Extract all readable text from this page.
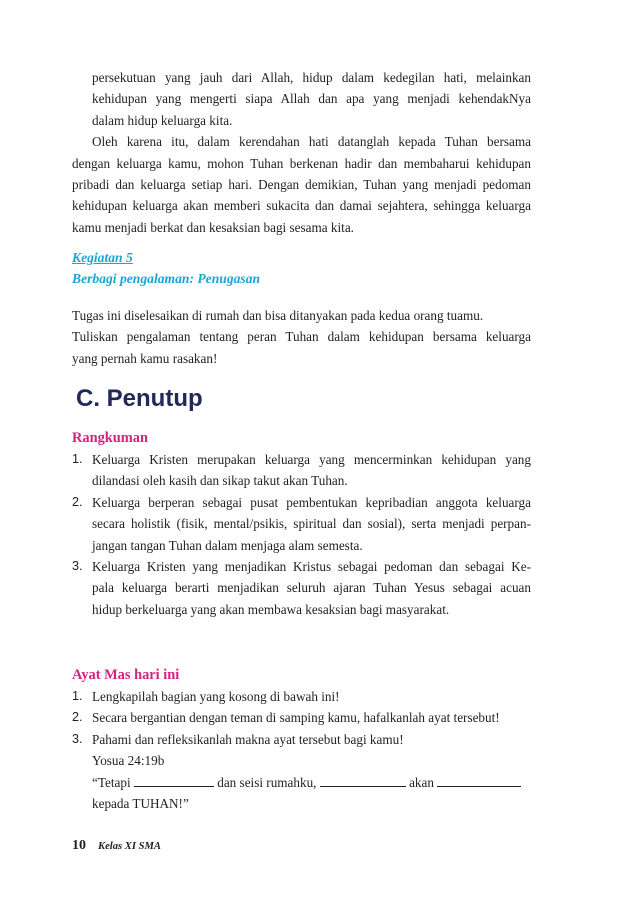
persekutuan yang jauh dari Allah, hidup dalam kedegilan hati, melainkan
kehidupan yang mengerti siapa Allah dan apa yang menjadi kehendakNya
dalam hidup keluarga kita.
Oleh karena itu, dalam kerendahan hati datanglah kepada Tuhan bersama
dengan keluarga kamu, mohon Tuhan berkenan hadir dan membaharui kehidupan
pribadi dan keluarga setiap hari. Dengan demikian, Tuhan yang menjadi pedoman
kehidupan keluarga akan memberi sukacita dan damai sejahtera, sehingga keluarga
kamu menjadi berkat dan kesaksian bagi sesama kita.
Kegiatan 5
Berbagi pengalaman: Penugasan
Tugas ini diselesaikan di rumah dan bisa ditanyakan pada kedua orang tuamu.
Tuliskan pengalaman tentang peran Tuhan dalam kehidupan bersama keluarga
yang pernah kamu rasakan!
C. Penutup
Rangkuman
1. Keluarga Kristen merupakan keluarga yang mencerminkan kehidupan yang
dilandasi oleh kasih dan sikap takut akan Tuhan.
2. Keluarga berperan sebagai pusat pembentukan kepribadian anggota keluarga
secara holistik (fisik, mental/psikis, spiritual dan sosial), serta menjadi perpan-
jangan tangan Tuhan dalam menjaga alam semesta.
3. Keluarga Kristen yang menjadikan Kristus sebagai pedoman dan sebagai Ke-
pala keluarga berarti menjadikan seluruh ajaran Tuhan Yesus sebagai acuan
hidup berkeluarga yang akan membawa kesaksian bagi masyarakat.
Ayat Mas hari ini
1. Lengkapilah bagian yang kosong di bawah ini!
2. Secara bergantian dengan teman di samping kamu, hafalkanlah ayat tersebut!
3. Pahami dan refleksikanlah makna ayat tersebut bagi kamu!
Yosua 24:19b
“Tetapi	dan seisi rumahku,	akan
kepada TUHAN!”
10 Kelas XI SMA
